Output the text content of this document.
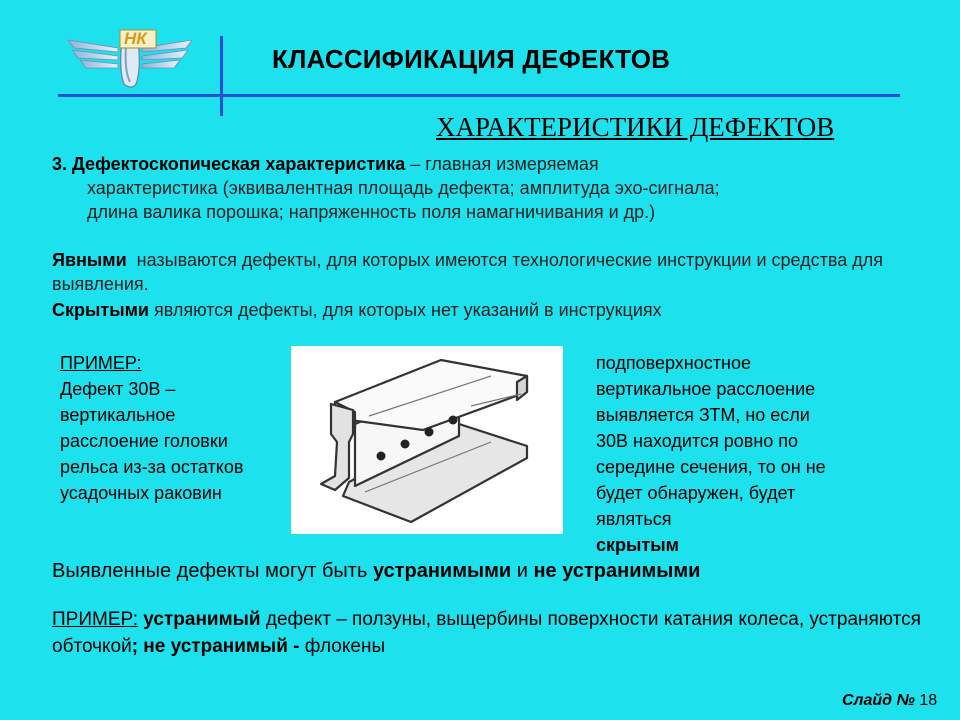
НК
КЛАССИФИКАЦИЯ ДЕФЕКТОВ
ХАРАКТЕРИСТИКИ ДЕФЕКТОВ
3. Дефектоскопическая характеристика – главная измеряемая
характеристика (эквивалентная площадь дефекта; амплитуда эхо-сигнала;
длина валика порошка; напряженность поля намагничивания и др.)
Явными  называются дефекты, для которых имеются технологические инструкции и средства для выявления.
Скрытыми являются дефекты, для которых нет указаний в инструкциях
ПРИМЕР:
Дефект 30В –
вертикальное
расслоение головки
рельса из-за остатков
усадочных раковин
подповерхностное
вертикальное расслоение
выявляется ЗТМ, но если
30В находится ровно по
середине сечения, то он не
будет обнаружен, будет
являться
скрытым
Выявленные дефекты могут быть устранимыми и не устранимыми
ПРИМЕР: устранимый дефект – ползуны, выщербины поверхности катания колеса, устраняются обточкой; не устранимый - флокены
Слайд № 18
